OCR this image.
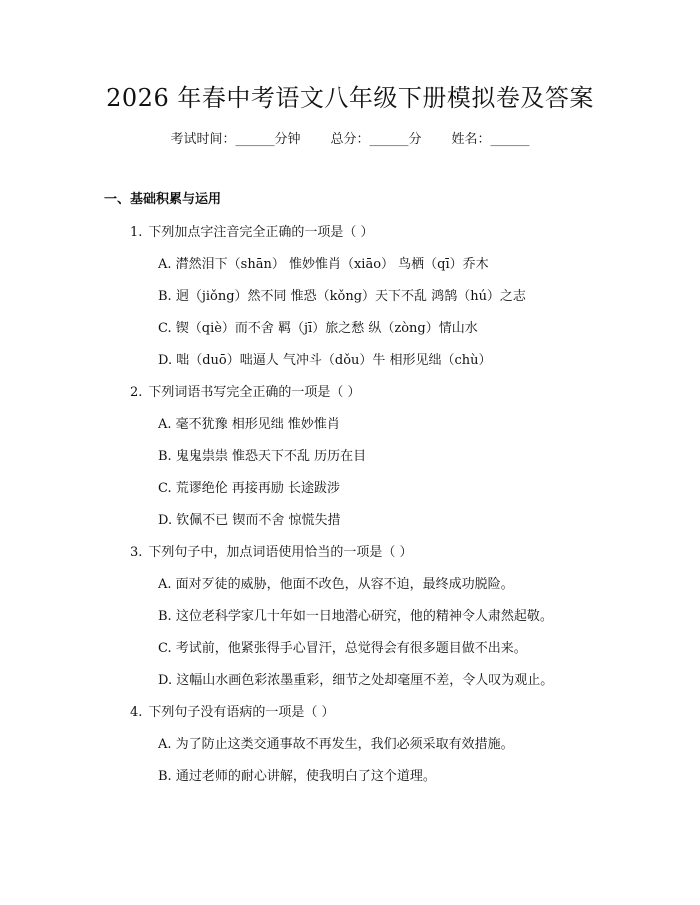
2026 年春中考语文八年级下册模拟卷及答案
考试时间：______分钟 总分：______分 姓名：______
一、基础积累与运用
1. 下列加点字注音完全正确的一项是（ ）
A. 潸然泪下（shān） 惟妙惟肖（xiāo） 鸟栖（qī）乔木
B. 迥（jiǒng）然不同 惟恐（kǒng）天下不乱 鸿鹄（hú）之志
C. 锲（qiè）而不舍 羁（jī）旅之愁 纵（zòng）情山水
D. 咄（duō）咄逼人 气冲斗（dǒu）牛 相形见绌（chù）
2. 下列词语书写完全正确的一项是（ ）
A. 毫不犹豫 相形见绌 惟妙惟肖
B. 鬼鬼祟祟 惟恐天下不乱 历历在目
C. 荒谬绝伦 再接再励 长途跋涉
D. 钦佩不已 锲而不舍 惊慌失措
3. 下列句子中，加点词语使用恰当的一项是（ ）
A. 面对歹徒的威胁，他面不改色，从容不迫，最终成功脱险。
B. 这位老科学家几十年如一日地潜心研究，他的精神令人肃然起敬。
C. 考试前，他紧张得手心冒汗，总觉得会有很多题目做不出来。
D. 这幅山水画色彩浓墨重彩，细节之处却毫厘不差，令人叹为观止。
4. 下列句子没有语病的一项是（ ）
A. 为了防止这类交通事故不再发生，我们必须采取有效措施。
B. 通过老师的耐心讲解，使我明白了这个道理。
